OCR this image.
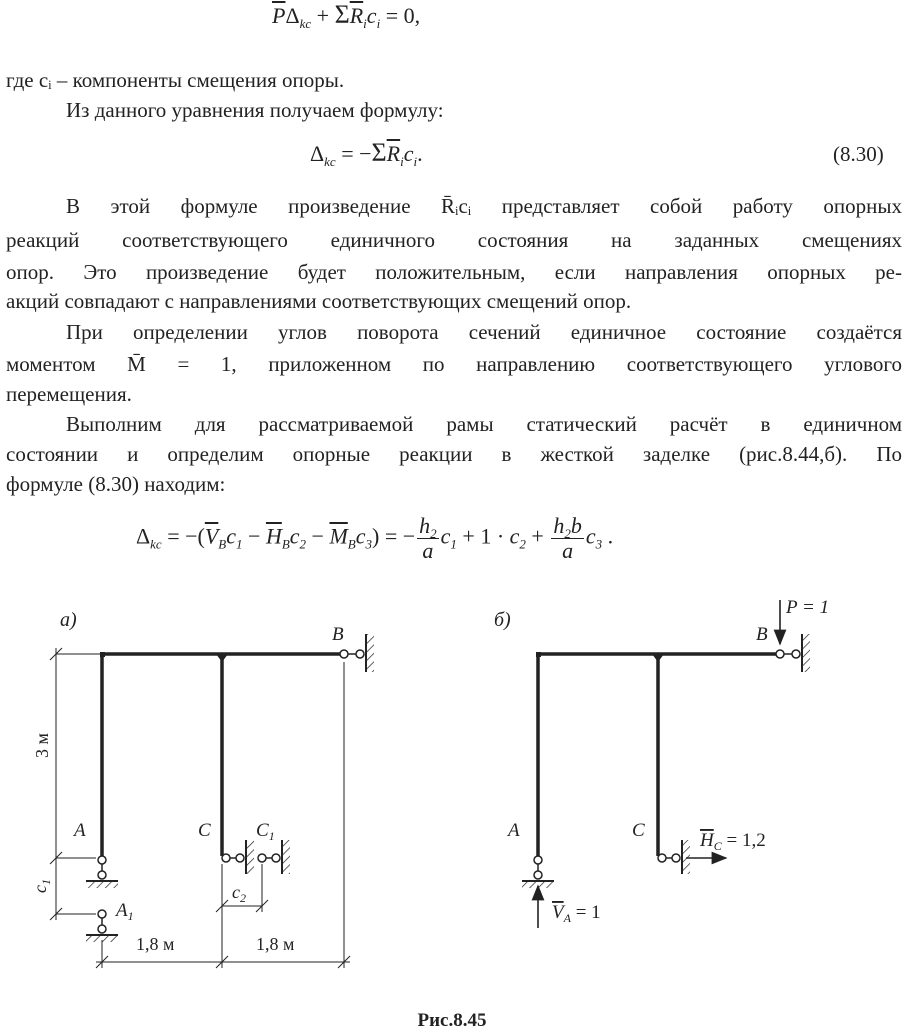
$\overline{P}\Delta_{kc} + \Sigma\overline{R}_ic_i = 0$,
где cᵢ – компоненты смещения опоры.
Из данного уравнения получаем формулу:
$\Delta_{kc} = -\Sigma\overline{R}_ic_i$.	(8.30)
В этой формуле произведение R̄ᵢcᵢ представляет собой работу опорных
реакций соответствующего единичного состояния на заданных смещениях
опор. Это произведение будет положительным, если направления опорных ре-
акций совпадают с направлениями соответствующих смещений опор.
При определении углов поворота сечений единичное состояние создаётся
моментом M̄ = 1, приложенном по направлению соответствующего углового
перемещения.
Выполним для рассматриваемой рамы статический расчёт в единичном
состоянии и определим опорные реакции в жесткой заделке (рис.8.44,б). По
формуле (8.30) находим:
$\Delta_{kc} = -(\overline{V}_Bc_1 - \overline{H}_Bc_2 - \overline{M}_Bc_3)$ = − $\frac{h_2}{a} c_1 + 1 \cdot c_2 + \frac{h_2b}{a} c_3$ .
а)
B
A
$A_1$
C $C_1$
3 м
$c_1$	$c_2$
1,8 м	1,8 м
б)
B
P = 1
A
$V_A = 1$
C	$H_C = 1,2$
Рис.8.45
